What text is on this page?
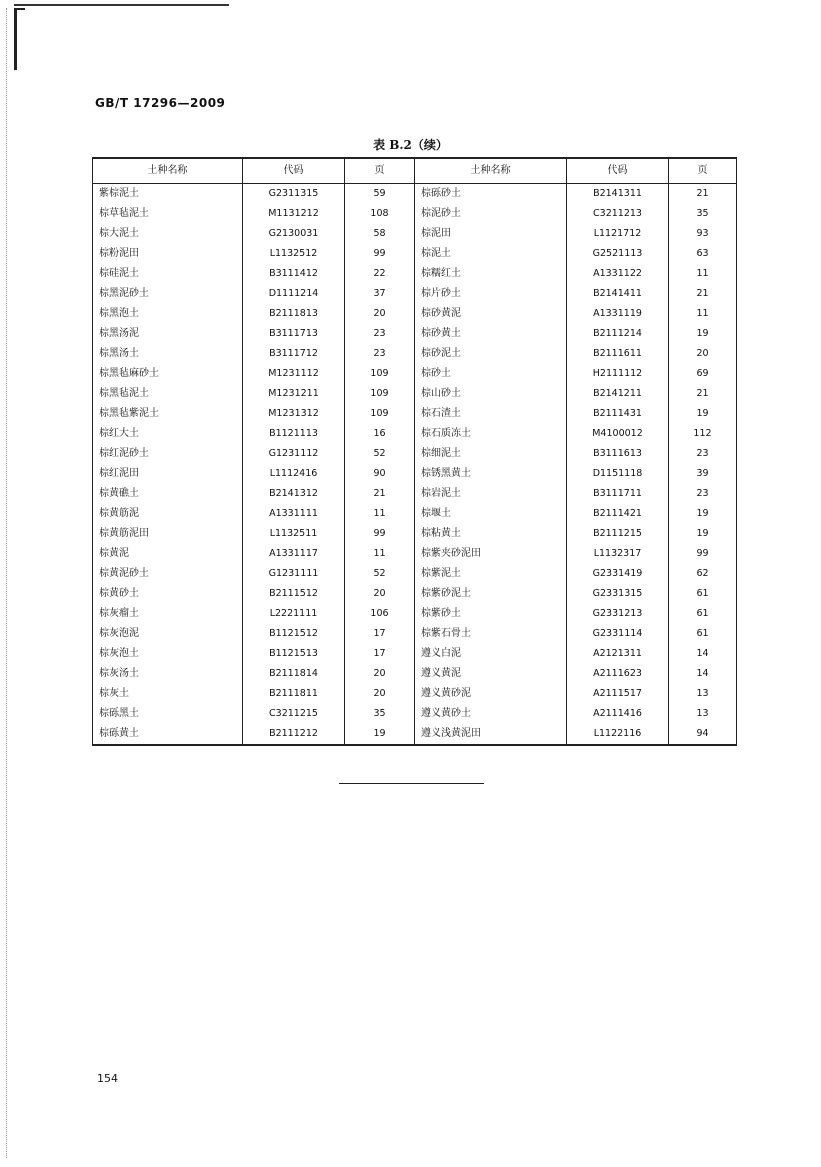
GB/T 17296—2009
表 B.2（续）
土种名称	代码	页	土种名称	代码	页
紫棕泥土	G2311315	59	棕砾砂土	B2141311	21
棕草毡泥土	M1131212	108	棕泥砂土	C3211213	35
棕大泥土	G2130031	58	棕泥田	L1121712	93
棕粉泥田	L1132512	99	棕泥土	G2521113	63
棕硅泥土	B3111412	22	棕糯红土	A1331122	11
棕黑泥砂土	D1111214	37	棕片砂土	B2141411	21
棕黑泡土	B2111813	20	棕砂黄泥	A1331119	11
棕黑汤泥	B3111713	23	棕砂黄土	B2111214	19
棕黑汤土	B3111712	23	棕砂泥土	B2111611	20
棕黑毡麻砂土	M1231112	109	棕砂土	H2111112	69
棕黑毡泥土	M1231211	109	棕山砂土	B2141211	21
棕黑毡紫泥土	M1231312	109	棕石渣土	B2111431	19
棕红大土	B1121113	16	棕石质冻土	M4100012	112
棕红泥砂土	G1231112	52	棕细泥土	B3111613	23
棕红泥田	L1112416	90	棕锈黑黄土	D1151118	39
棕黄礁土	B2141312	21	棕岩泥土	B3111711	23
棕黄筋泥	A1331111	11	棕堰土	B2111421	19
棕黄筋泥田	L1132511	99	棕粘黄土	B2111215	19
棕黄泥	A1331117	11	棕紫夹砂泥田	L1132317	99
棕黄泥砂土	G1231111	52	棕紫泥土	G2331419	62
棕黄砂土	B2111512	20	棕紫砂泥土	G2331315	61
棕灰瘤土	L2221111	106	棕紫砂土	G2331213	61
棕灰泡泥	B1121512	17	棕紫石骨土	G2331114	61
棕灰泡土	B1121513	17	遵义白泥	A2121311	14
棕灰汤土	B2111814	20	遵义黄泥	A2111623	14
棕灰土	B2111811	20	遵义黄砂泥	A2111517	13
棕砾黑土	C3211215	35	遵义黄砂土	A2111416	13
棕砾黄土	B2111212	19	遵义浅黄泥田	L1122116	94
154
